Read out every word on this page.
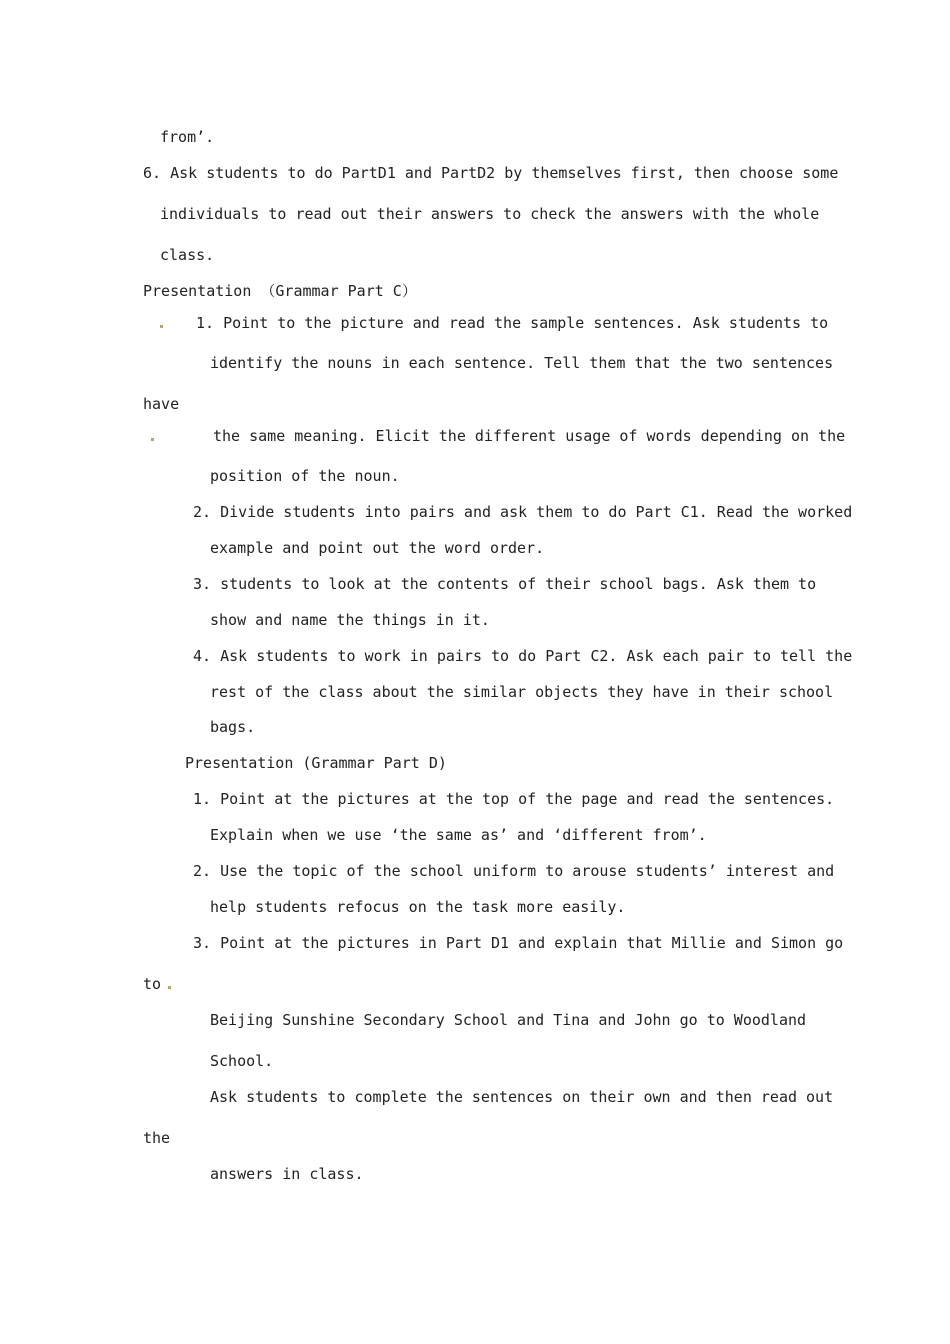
from’.
6. Ask students to do PartD1 and PartD2 by themselves first, then choose some
individuals to read out their answers to check the answers with the whole
class.
Presentation （Grammar Part C）
1. Point to the picture and read the sample sentences. Ask students to
identify the nouns in each sentence. Tell them that the two sentences
have
the same meaning. Elicit the different usage of words depending on the
position of the noun.
2. Divide students into pairs and ask them to do Part C1. Read the worked
example and point out the word order.
3. students to look at the contents of their school bags. Ask them to
show and name the things in it.
4. Ask students to work in pairs to do Part C2. Ask each pair to tell the
rest of the class about the similar objects they have in their school
bags.
Presentation (Grammar Part D)
1. Point at the pictures at the top of the page and read the sentences.
Explain when we use ‘the same as’ and ‘different from’.
2. Use the topic of the school uniform to arouse students’ interest and
help students refocus on the task more easily.
3. Point at the pictures in Part D1 and explain that Millie and Simon go
to
Beijing Sunshine Secondary School and Tina and John go to Woodland
School.
Ask students to complete the sentences on their own and then read out
the
answers in class.
